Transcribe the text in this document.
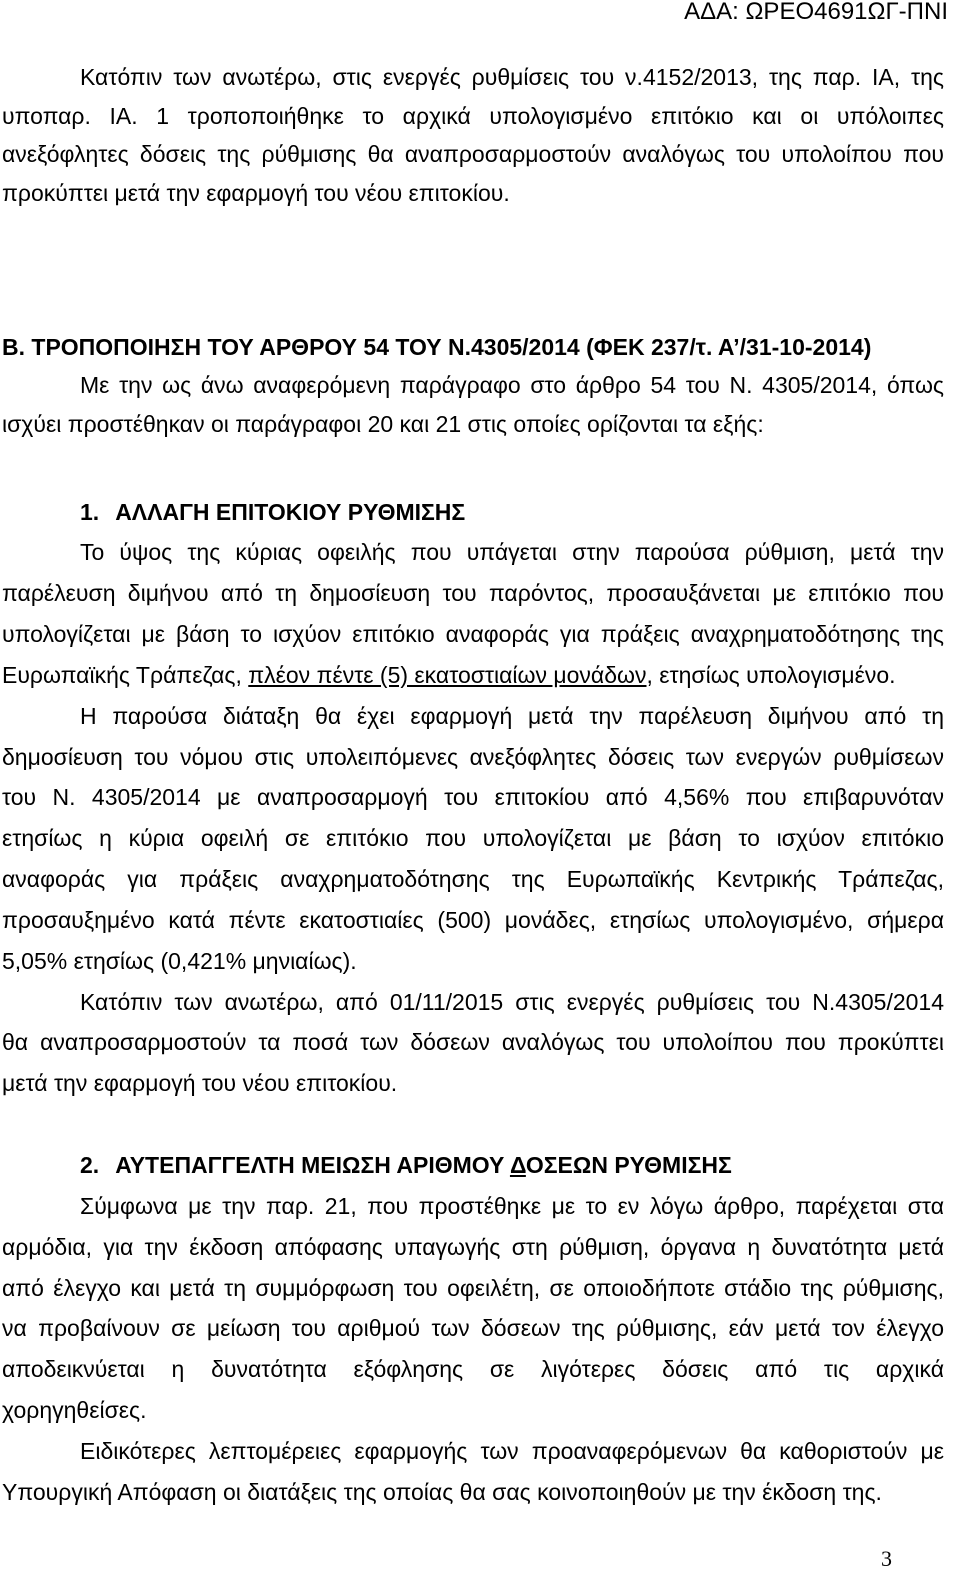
ΑΔΑ: ΩΡΕΟ4691ΩΓ-ΠΝΙ
Κατόπιν των ανωτέρω, στις ενεργές ρυθμίσεις του ν.4152/2013, της παρ. ΙΑ, της
υποπαρ. ΙΑ. 1 τροποποιήθηκε το αρχικά υπολογισμένο επιτόκιο και οι υπόλοιπες
ανεξόφλητες δόσεις της ρύθμισης θα αναπροσαρμοστούν αναλόγως του υπολοίπου που
προκύπτει μετά την εφαρμογή του νέου επιτοκίου.
Β. ΤΡΟΠΟΠΟΙΗΣΗ ΤΟΥ ΑΡΘΡΟΥ 54 ΤΟΥ Ν.4305/2014 (ΦΕΚ 237/τ. Α’/31-10-2014)
Με την ως άνω αναφερόμενη παράγραφο στο άρθρο 54 του Ν. 4305/2014, όπως
ισχύει προστέθηκαν οι παράγραφοι 20 και 21 στις οποίες ορίζονται τα εξής:
1. ΑΛΛΑΓΗ ΕΠΙΤΟΚΙΟΥ ΡΥΘΜΙΣΗΣ
Το ύψος της κύριας οφειλής που υπάγεται στην παρούσα ρύθμιση, μετά την
παρέλευση διμήνου από τη δημοσίευση του παρόντος, προσαυξάνεται με επιτόκιο που
υπολογίζεται με βάση το ισχύον επιτόκιο αναφοράς για πράξεις αναχρηματοδότησης της
Ευρωπαϊκής Τράπεζας, πλέον πέντε (5) εκατοστιαίων μονάδων, ετησίως υπολογισμένο.
Η παρούσα διάταξη θα έχει εφαρμογή μετά την παρέλευση διμήνου από τη
δημοσίευση του νόμου στις υπολειπόμενες ανεξόφλητες δόσεις των ενεργών ρυθμίσεων
του Ν. 4305/2014 με αναπροσαρμογή του επιτοκίου από 4,56% που επιβαρυνόταν
ετησίως η κύρια οφειλή σε επιτόκιο που υπολογίζεται με βάση το ισχύον επιτόκιο
αναφοράς για πράξεις αναχρηματοδότησης της Ευρωπαϊκής Κεντρικής Τράπεζας,
προσαυξημένο κατά πέντε εκατοστιαίες (500) μονάδες, ετησίως υπολογισμένο, σήμερα
5,05% ετησίως (0,421% μηνιαίως).
Κατόπιν των ανωτέρω, από 01/11/2015 στις ενεργές ρυθμίσεις του Ν.4305/2014
θα αναπροσαρμοστούν τα ποσά των δόσεων αναλόγως του υπολοίπου που προκύπτει
μετά την εφαρμογή του νέου επιτοκίου.
2. ΑΥΤΕΠΑΓΓΕΛΤΗ ΜΕΙΩΣΗ ΑΡΙΘΜΟΥ ΔΟΣΕΩΝ ΡΥΘΜΙΣΗΣ
Σύμφωνα με την παρ. 21, που προστέθηκε με το εν λόγω άρθρο, παρέχεται στα
αρμόδια, για την έκδοση απόφασης υπαγωγής στη ρύθμιση, όργανα η δυνατότητα μετά
από έλεγχο και μετά τη συμμόρφωση του οφειλέτη, σε οποιοδήποτε στάδιο της ρύθμισης,
να προβαίνουν σε μείωση του αριθμού των δόσεων της ρύθμισης, εάν μετά τον έλεγχο
αποδεικνύεται η δυνατότητα εξόφλησης σε λιγότερες δόσεις από τις αρχικά
χορηγηθείσες.
Ειδικότερες λεπτομέρειες εφαρμογής των προαναφερόμενων θα καθοριστούν με
Υπουργική Απόφαση οι διατάξεις της οποίας θα σας κοινοποιηθούν με την έκδοση της.
3
